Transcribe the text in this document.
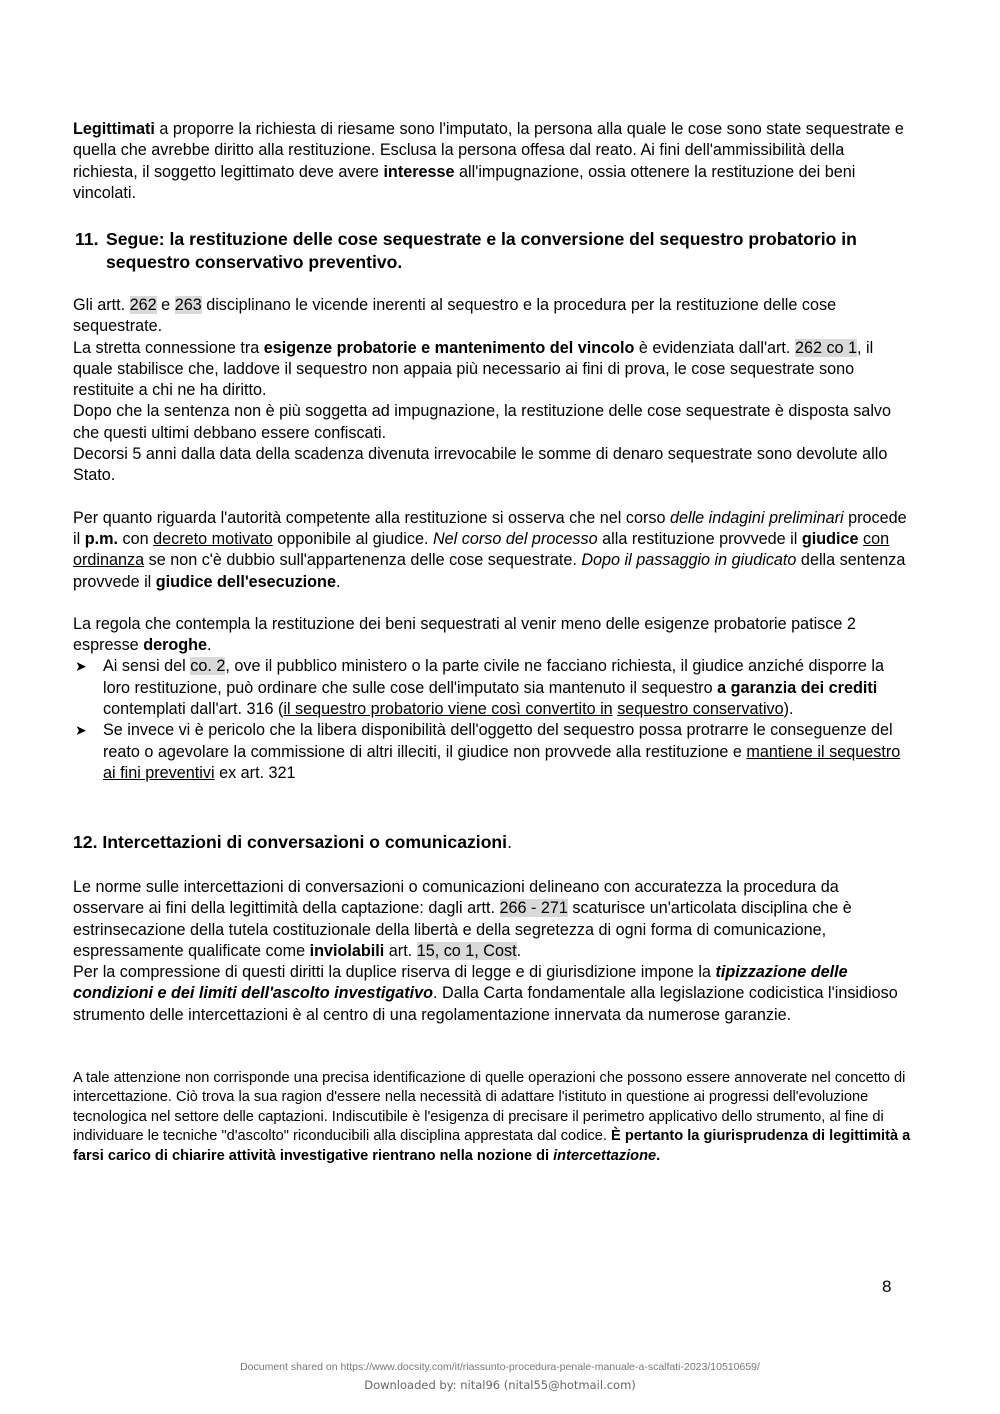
Legittimati a proporre la richiesta di riesame sono l'imputato, la persona alla quale le cose sono state sequestrate e quella che avrebbe diritto alla restituzione. Esclusa la persona offesa dal reato. Ai fini dell'ammissibilità della richiesta, il soggetto legittimato deve avere interesse all'impugnazione, ossia ottenere la restituzione dei beni vincolati.

11. Segue: la restituzione delle cose sequestrate e la conversione del sequestro probatorio in sequestro conservativo preventivo.

Gli artt. 262 e 263 disciplinano le vicende inerenti al sequestro e la procedura per la restituzione delle cose sequestrate.

La stretta connessione tra esigenze probatorie e mantenimento del vincolo è evidenziata dall'art. 262 co 1, il quale stabilisce che, laddove il sequestro non appaia più necessario ai fini di prova, le cose sequestrate sono restituite a chi ne ha diritto.

Dopo che la sentenza non è più soggetta ad impugnazione, la restituzione delle cose sequestrate è disposta salvo che questi ultimi debbano essere confiscati.

Decorsi 5 anni dalla data della scadenza divenuta irrevocabile le somme di denaro sequestrate sono devolute allo Stato.

Per quanto riguarda l'autorità competente alla restituzione si osserva che nel corso delle indagini preliminari procede il p.m. con decreto motivato opponibile al giudice. Nel corso del processo alla restituzione provvede il giudice con ordinanza se non c'è dubbio sull'appartenenza delle cose sequestrate. Dopo il passaggio in giudicato della sentenza provvede il giudice dell'esecuzione.

La regola che contempla la restituzione dei beni sequestrati al venir meno delle esigenze probatorie patisce 2 espresse deroghe.

➤ Ai sensi del co. 2, ove il pubblico ministero o la parte civile ne facciano richiesta, il giudice anziché disporre la loro restituzione, può ordinare che sulle cose dell'imputato sia mantenuto il sequestro a garanzia dei crediti contemplati dall'art. 316 (il sequestro probatorio viene così convertito in sequestro conservativo).
➤ Se invece vi è pericolo che la libera disponibilità dell'oggetto del sequestro possa protrarre le conseguenze del reato o agevolare la commissione di altri illeciti, il giudice non provvede alla restituzione e mantiene il sequestro ai fini preventivi ex art. 321
12. Intercettazioni di conversazioni o comunicazioni.

Le norme sulle intercettazioni di conversazioni o comunicazioni delineano con accuratezza la procedura da osservare ai fini della legittimità della captazione: dagli artt. 266 - 271 scaturisce un'articolata disciplina che è estrinsecazione della tutela costituzionale della libertà e della segretezza di ogni forma di comunicazione, espressamente qualificate come inviolabili art. 15, co 1, Cost.

Per la compressione di questi diritti la duplice riserva di legge e di giurisdizione impone la tipizzazione delle condizioni e dei limiti dell'ascolto investigativo. Dalla Carta fondamentale alla legislazione codicistica l'insidioso strumento delle intercettazioni è al centro di una regolamentazione innervata da numerose garanzie.

A tale attenzione non corrisponde una precisa identificazione di quelle operazioni che possono essere annoverate nel concetto di intercettazione. Ciò trova la sua ragion d'essere nella necessità di adattare l'istituto in questione ai progressi dell'evoluzione tecnologica nel settore delle captazioni. Indiscutibile è l'esigenza di precisare il perimetro applicativo dello strumento, al fine di individuare le tecniche "d'ascolto" riconducibili alla disciplina apprestata dal codice. È pertanto la giurisprudenza di legittimità a farsi carico di chiarire attività investigative rientrano nella nozione di intercettazione.

8
Document shared on https://www.docsity.com/it/riassunto-procedura-penale-manuale-a-scalfati-2023/10510659/
Downloaded by: nital96 (nital55@hotmail.com)
